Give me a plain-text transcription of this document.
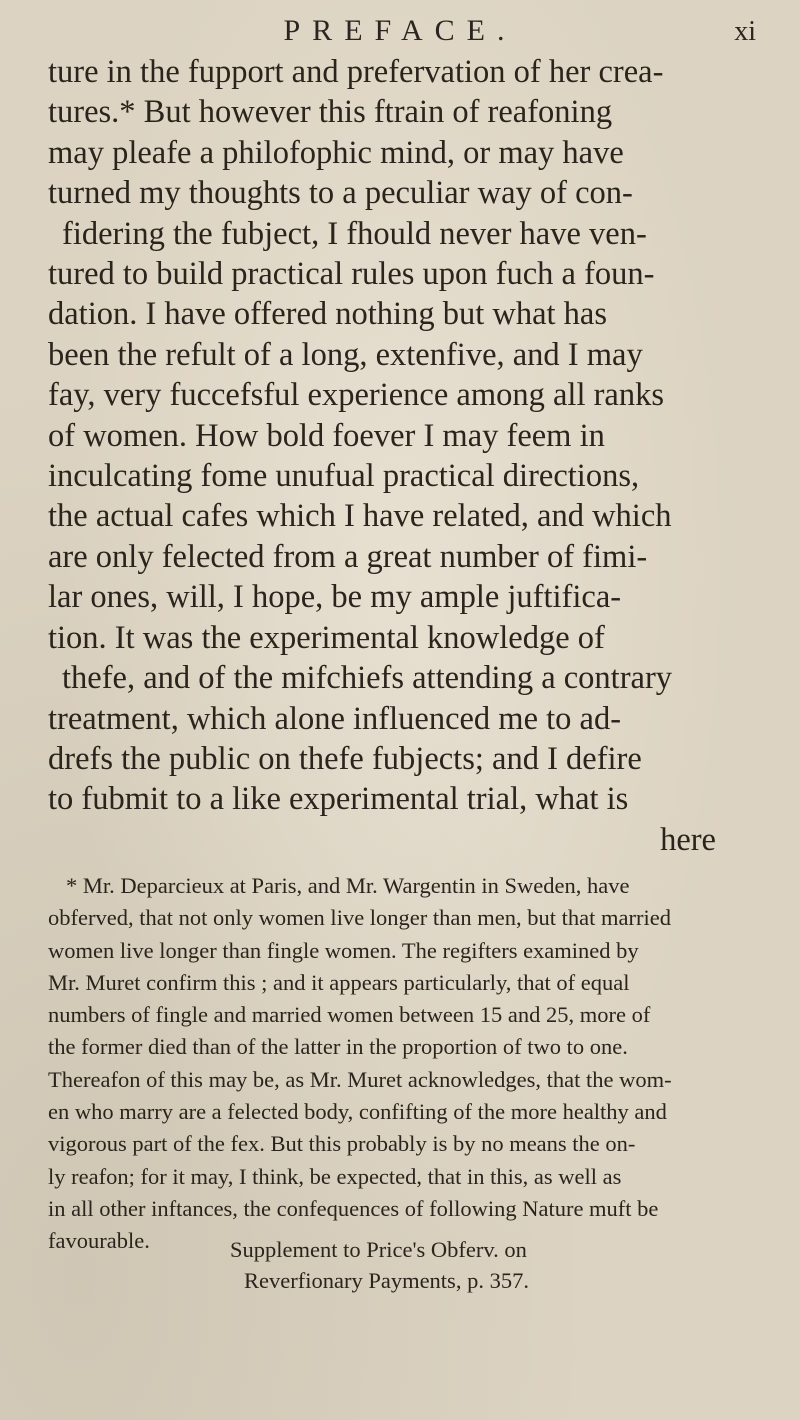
PREFACE.	xi
ture in the fupport and prefervation of her crea-
tures.* But however this ftrain of reafoning
may pleafe a philofophic mind, or may have
turned my thoughts to a peculiar way of con-
fidering the fubject, I fhould never have ven-
tured to build practical rules upon fuch a foun-
dation. I have offered nothing but what has
been the refult of a long, extenfive, and I may
fay, very fuccefsful experience among all ranks
of women. How bold foever I may feem in
inculcating fome unufual practical directions,
the actual cafes which I have related, and which
are only felected from a great number of fimi-
lar ones, will, I hope, be my ample juftifica-
tion. It was the experimental knowledge of
thefe, and of the mifchiefs attending a contrary
treatment, which alone influenced me to ad-
drefs the public on thefe fubjects; and I defire
to fubmit to a like experimental trial, what is
here
* Mr. Deparcieux at Paris, and Mr. Wargentin in Sweden, have
obferved, that not only women live longer than men, but that married
women live longer than fingle women. The regifters examined by
Mr. Muret confirm this ; and it appears particularly, that of equal
numbers of fingle and married women between 15 and 25, more of
the former died than of the latter in the proportion of two to one.
Thereafon of this may be, as Mr. Muret acknowledges, that the wom-
en who marry are a felected body, confifting of the more healthy and
vigorous part of the fex. But this probably is by no means the on-
ly reafon; for it may, I think, be expected, that in this, as well as
in all other inftances, the confequences of following Nature muft be
favourable.	Supplement to Price's Obferv. on
Reverfionary Payments, p. 357.
